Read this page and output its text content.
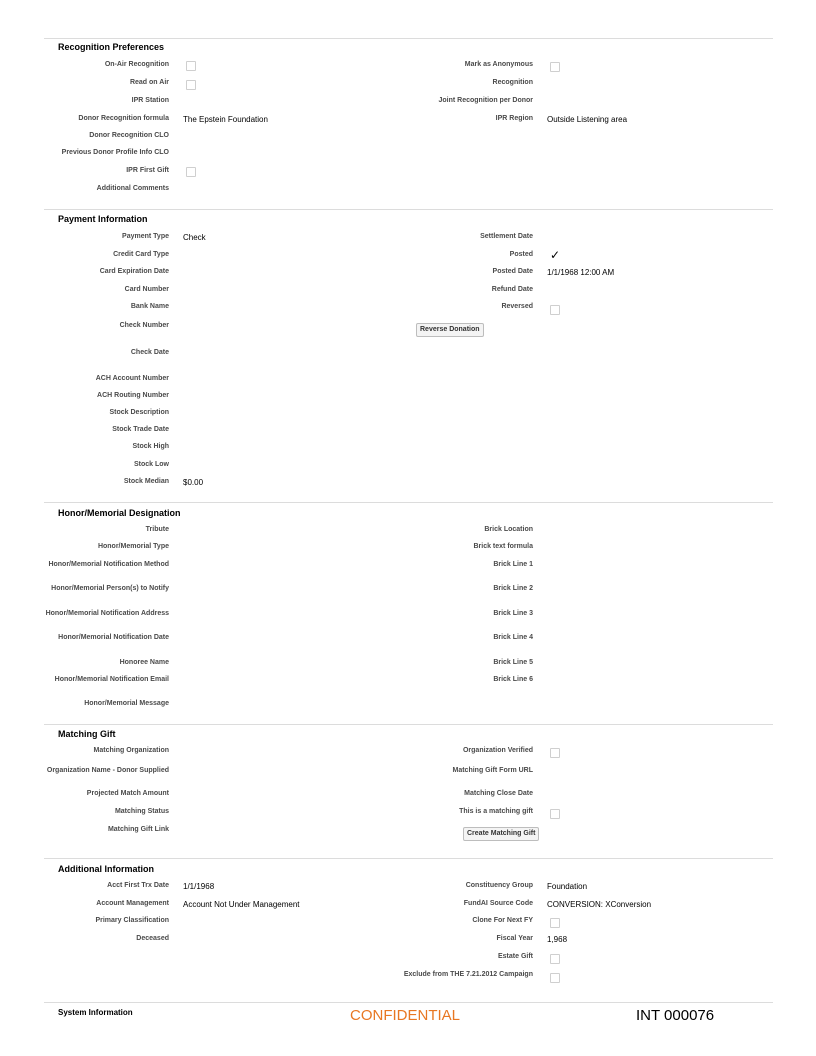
Recognition Preferences
On-Air Recognition
Read on Air
IPR Station
Donor Recognition formula The Epstein Foundation
Donor Recognition CLO
Previous Donor Profile Info CLO
IPR First Gift
Additional Comments
Mark as Anonymous
Recognition
Joint Recognition per Donor
IPR Region Outside Listening area
Payment Information
Payment Type Check
Credit Card Type
Card Expiration Date
Card Number
Bank Name
Check Number
Check Date
ACH Account Number
ACH Routing Number
Stock Description
Stock Trade Date
Stock High
Stock Low
Stock Median $0.00
Settlement Date
Posted ✓
Posted Date 1/1/1968 12:00 AM
Refund Date
Reversed
Reverse Donation
Honor/Memorial Designation
Tribute
Honor/Memorial Type
Honor/Memorial Notification Method
Honor/Memorial Person(s) to Notify
Honor/Memorial Notification Address
Honor/Memorial Notification Date
Honoree Name
Honor/Memorial Notification Email
Honor/Memorial Message
Brick Location
Brick text formula
Brick Line 1
Brick Line 2
Brick Line 3
Brick Line 4
Brick Line 5
Brick Line 6
Matching Gift
Matching Organization
Organization Name - Donor Supplied
Projected Match Amount
Matching Status
Matching Gift Link
Organization Verified
Matching Gift Form URL
Matching Close Date
This is a matching gift
Create Matching Gift
Additional Information
Acct First Trx Date 1/1/1968
Account Management Account Not Under Management
Primary Classification
Deceased
Constituency Group Foundation
FundAI Source Code CONVERSION: XConversion
Clone For Next FY
Fiscal Year 1,968
Estate Gift
Exclude from THE 7.21.2012 Campaign
System Information	CONFIDENTIAL	INT 000076
